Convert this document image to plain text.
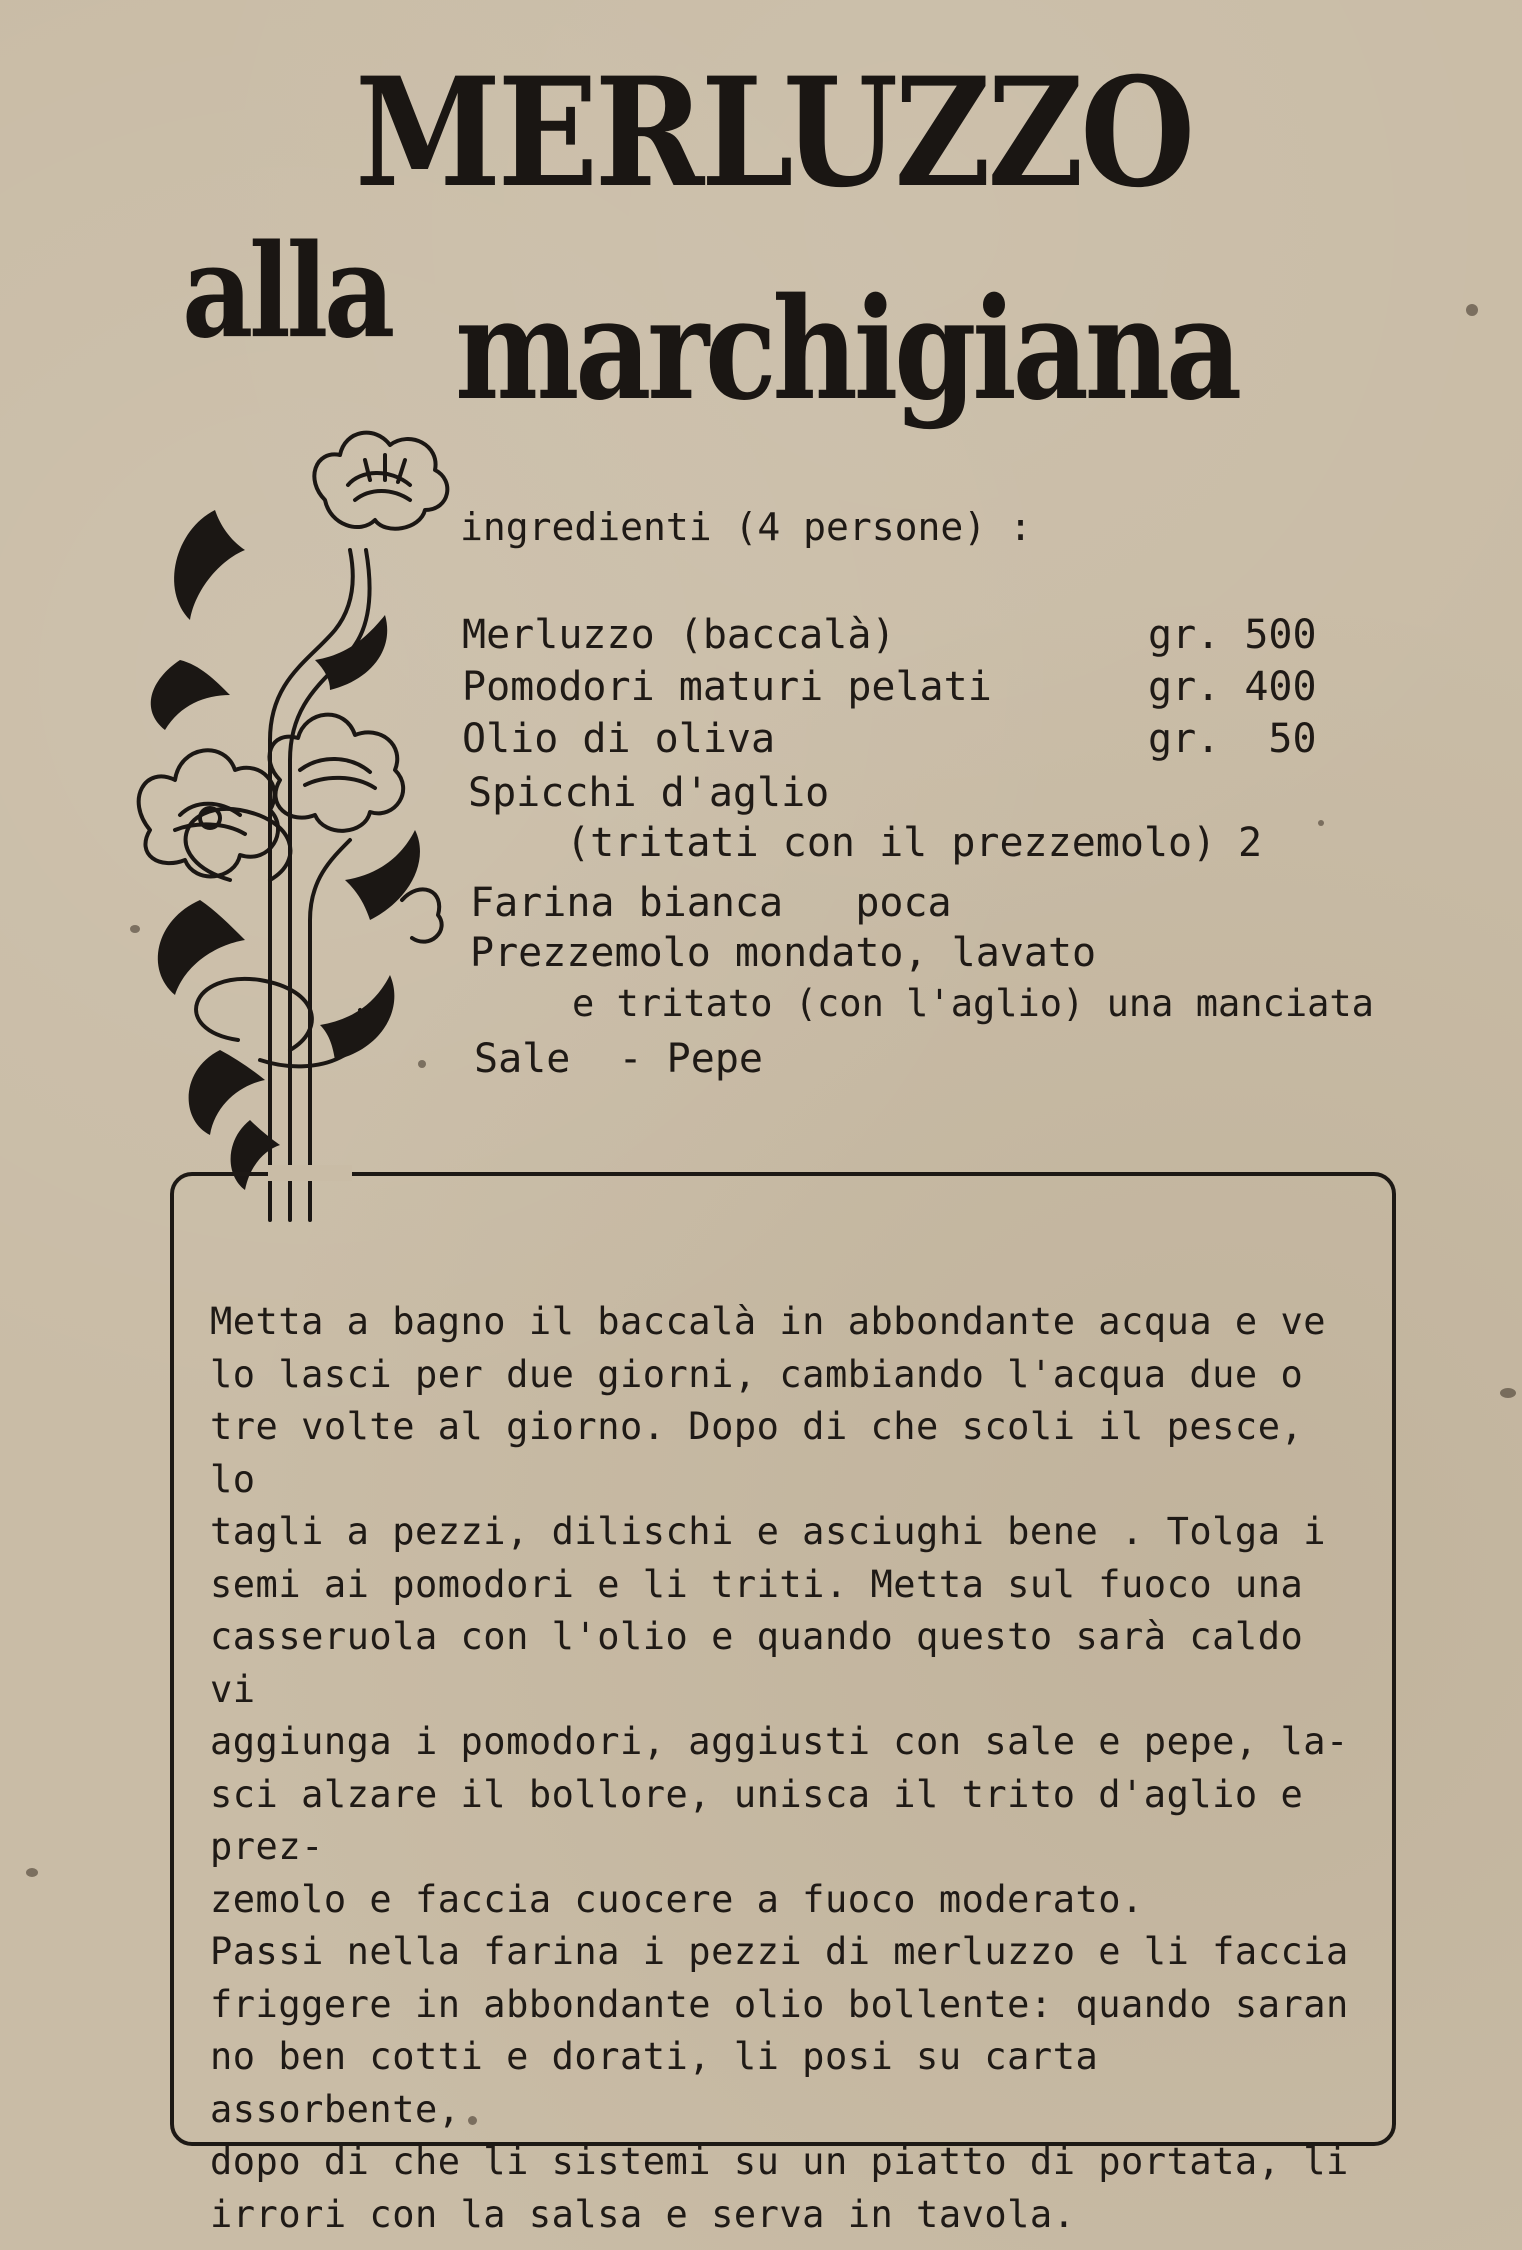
MERLUZZO
alla marchigiana
ingredienti (4 persone) :
Merluzzo (baccalà)	gr. 500
Pomodori maturi pelati	gr. 400
Olio di oliva	gr.  50
Spicchi d'aglio
(tritati con il prezzemolo) 2
Farina bianca   poca
Prezzemolo mondato, lavato
e tritato (con l'aglio) una manciata
Sale  - Pepe
Metta a bagno il baccalà in abbondante acqua e ve
lo lasci per due giorni, cambiando l'acqua due o
tre volte al giorno. Dopo di che scoli il pesce, lo
tagli a pezzi, dilischi e asciughi bene . Tolga i
semi ai pomodori e li triti. Metta sul fuoco una
casseruola con l'olio e quando questo sarà caldo vi
aggiunga i pomodori, aggiusti con sale e pepe, la-
sci alzare il bollore, unisca il trito d'aglio e prez-
zemolo e faccia cuocere a fuoco moderato.
Passi nella farina i pezzi di merluzzo e li faccia
friggere in abbondante olio bollente: quando saran
no ben cotti e dorati, li posi su carta assorbente,
dopo di che li sistemi su un piatto di portata, li
irrori con la salsa e serva in tavola.
